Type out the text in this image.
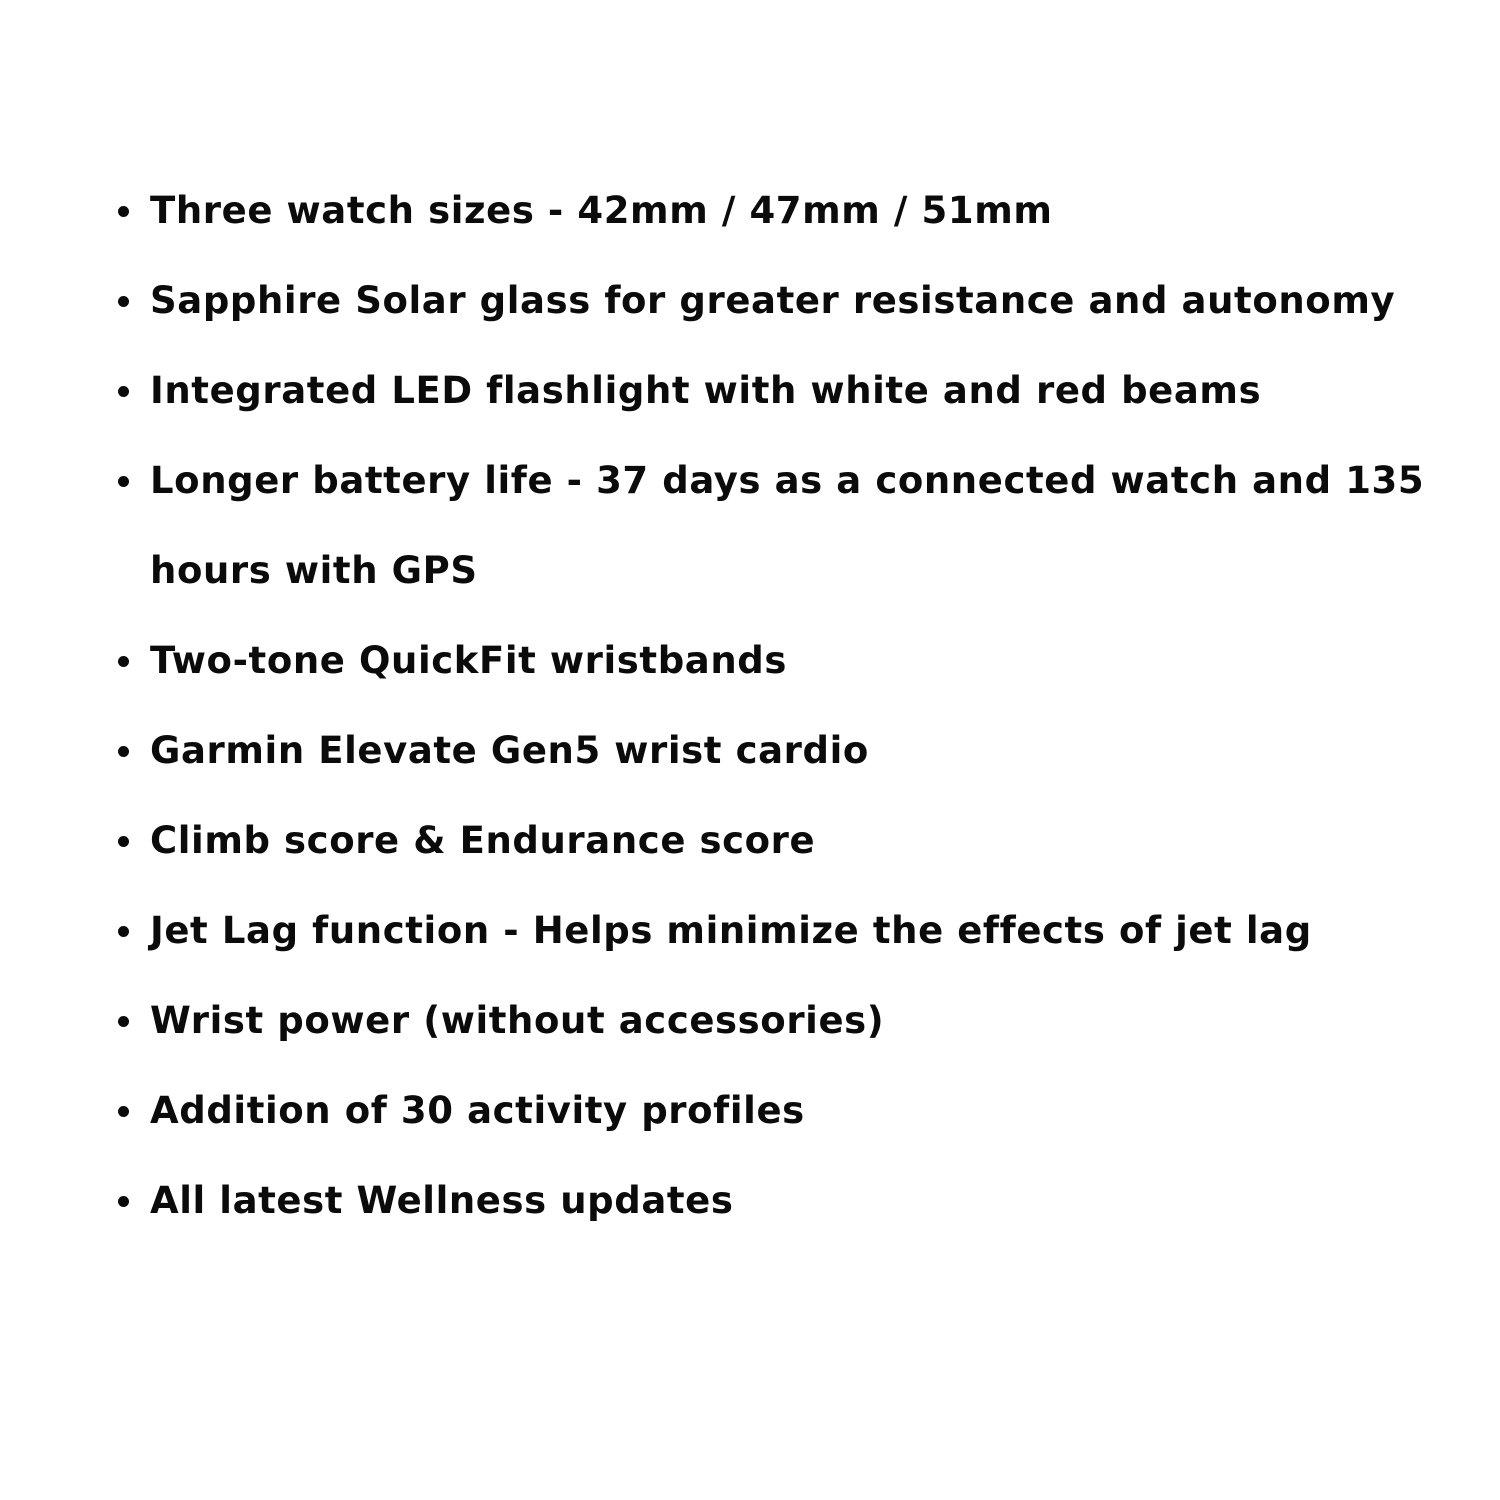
Three watch sizes - 42mm / 47mm / 51mm
Sapphire Solar glass for greater resistance and autonomy
Integrated LED flashlight with white and red beams
Longer battery life - 37 days as a connected watch and 135 hours with GPS
Two-tone QuickFit wristbands
Garmin Elevate Gen5 wrist cardio
Climb score & Endurance score
Jet Lag function - Helps minimize the effects of jet lag
Wrist power (without accessories)
Addition of 30 activity profiles
All latest Wellness updates
